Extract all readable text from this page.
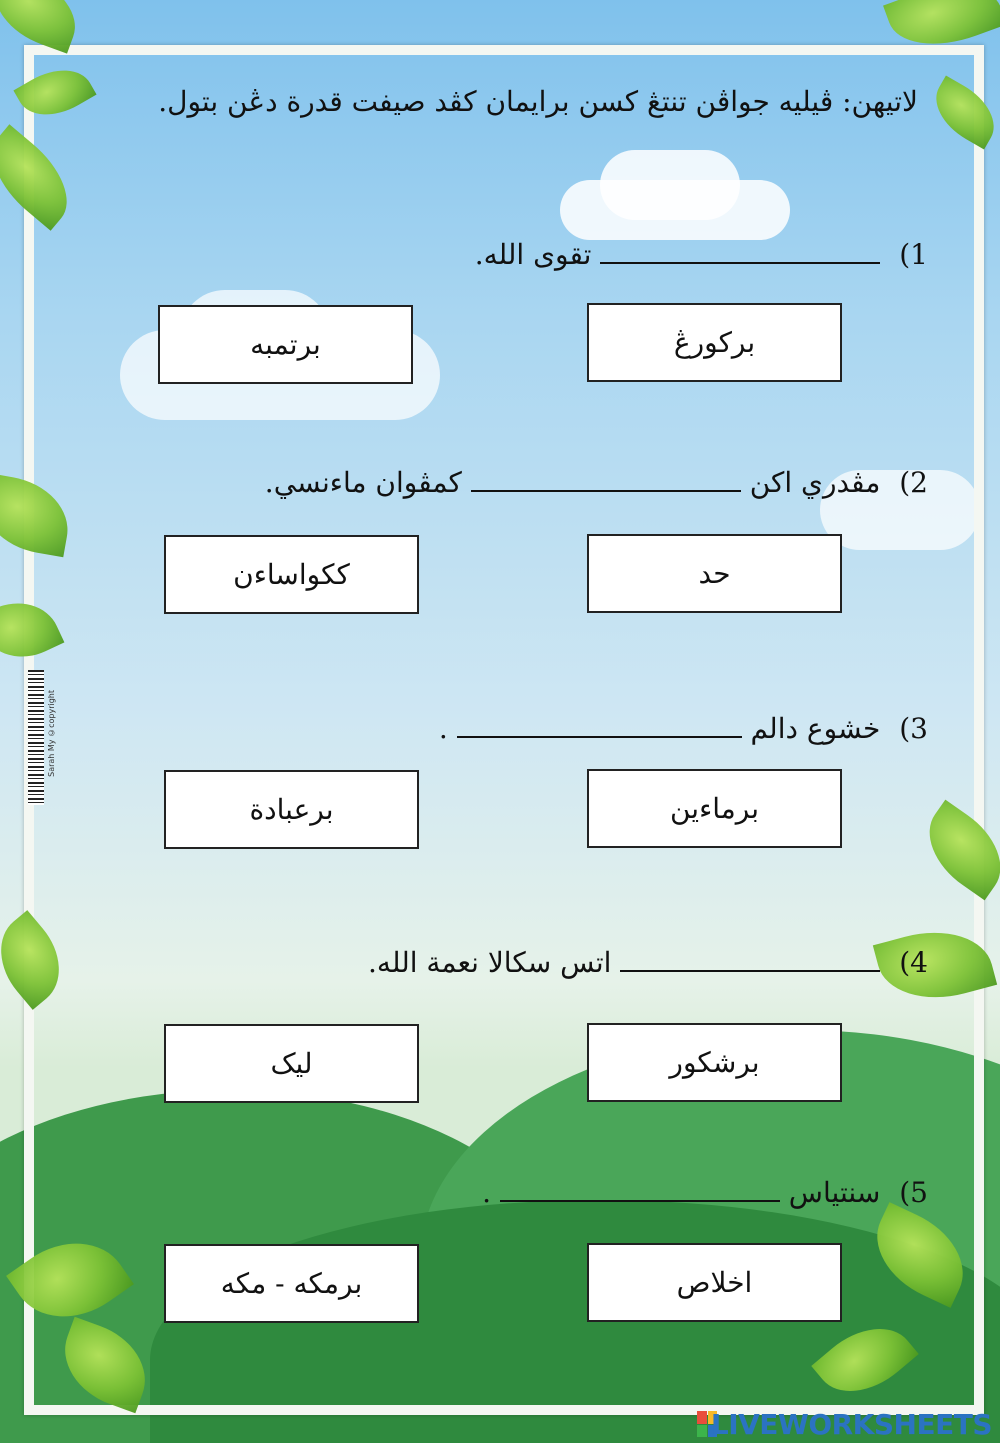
لاتيهن: ڤيليه جواڤن تنتڠ كسن برايمان كڤد صيفت قدرة دڠن بتول.
1)  تقوى الله.
بركورڠ
برتمبه
2) مڤدري اكن  كمڤوان ماءنسي.
حد
ككواساءن
3) خشوع دالم  .
برماءين
برعبادة
4)  اتس سكالا نعمة الله.
برشكور
ليک
5) سنتياس  .
اخلاص
برمكه - مكه
Sarah My ©copyright
LIVEWORKSHEETS
